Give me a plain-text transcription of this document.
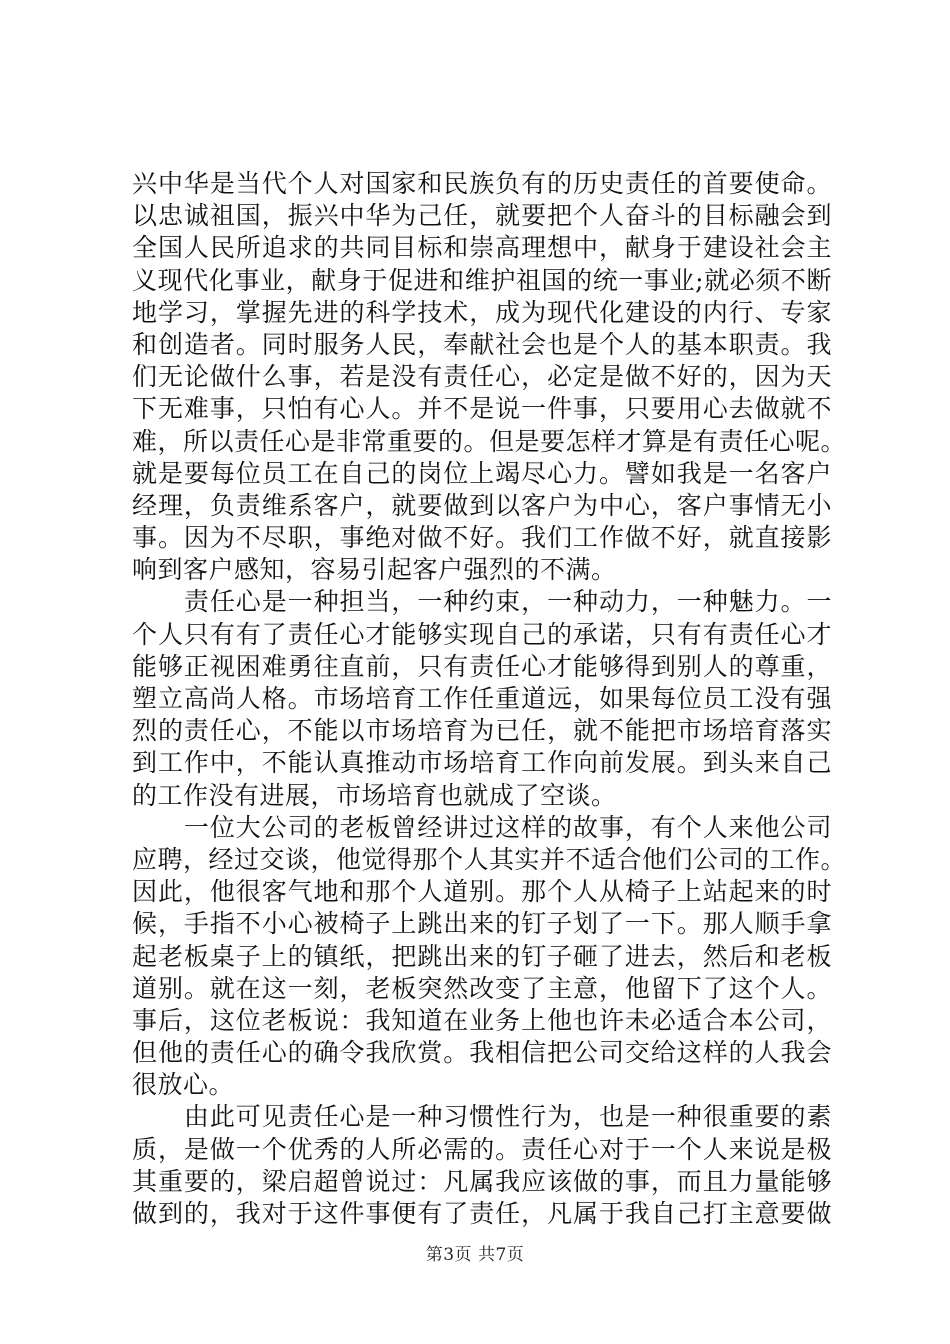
兴中华是当代个人对国家和民族负有的历史责任的首要使命。
以忠诚祖国，振兴中华为己任，就要把个人奋斗的目标融会到
全国人民所追求的共同目标和崇高理想中，献身于建设社会主
义现代化事业，献身于促进和维护祖国的统一事业;就必须不断
地学习，掌握先进的科学技术，成为现代化建设的内行、专家
和创造者。同时服务人民，奉献社会也是个人的基本职责。我
们无论做什么事，若是没有责任心，必定是做不好的，因为天
下无难事，只怕有心人。并不是说一件事，只要用心去做就不
难，所以责任心是非常重要的。但是要怎样才算是有责任心呢。
就是要每位员工在自己的岗位上竭尽心力。譬如我是一名客户
经理，负责维系客户，就要做到以客户为中心，客户事情无小
事。因为不尽职，事绝对做不好。我们工作做不好，就直接影
响到客户感知，容易引起客户强烈的不满。
　　责任心是一种担当，一种约束，一种动力，一种魅力。一
个人只有有了责任心才能够实现自己的承诺，只有有责任心才
能够正视困难勇往直前，只有责任心才能够得到别人的尊重，
塑立高尚人格。市场培育工作任重道远，如果每位员工没有强
烈的责任心，不能以市场培育为已任，就不能把市场培育落实
到工作中，不能认真推动市场培育工作向前发展。到头来自己
的工作没有进展，市场培育也就成了空谈。
　　一位大公司的老板曾经讲过这样的故事，有个人来他公司
应聘，经过交谈，他觉得那个人其实并不适合他们公司的工作。
因此，他很客气地和那个人道别。那个人从椅子上站起来的时
候，手指不小心被椅子上跳出来的钉子划了一下。那人顺手拿
起老板桌子上的镇纸，把跳出来的钉子砸了进去，然后和老板
道别。就在这一刻，老板突然改变了主意，他留下了这个人。
事后，这位老板说：我知道在业务上他也许未必适合本公司，
但他的责任心的确令我欣赏。我相信把公司交给这样的人我会
很放心。
　　由此可见责任心是一种习惯性行为，也是一种很重要的素
质，是做一个优秀的人所必需的。责任心对于一个人来说是极
其重要的，梁启超曾说过：凡属我应该做的事，而且力量能够
做到的，我对于这件事便有了责任，凡属于我自己打主意要做
第3页 共7页
